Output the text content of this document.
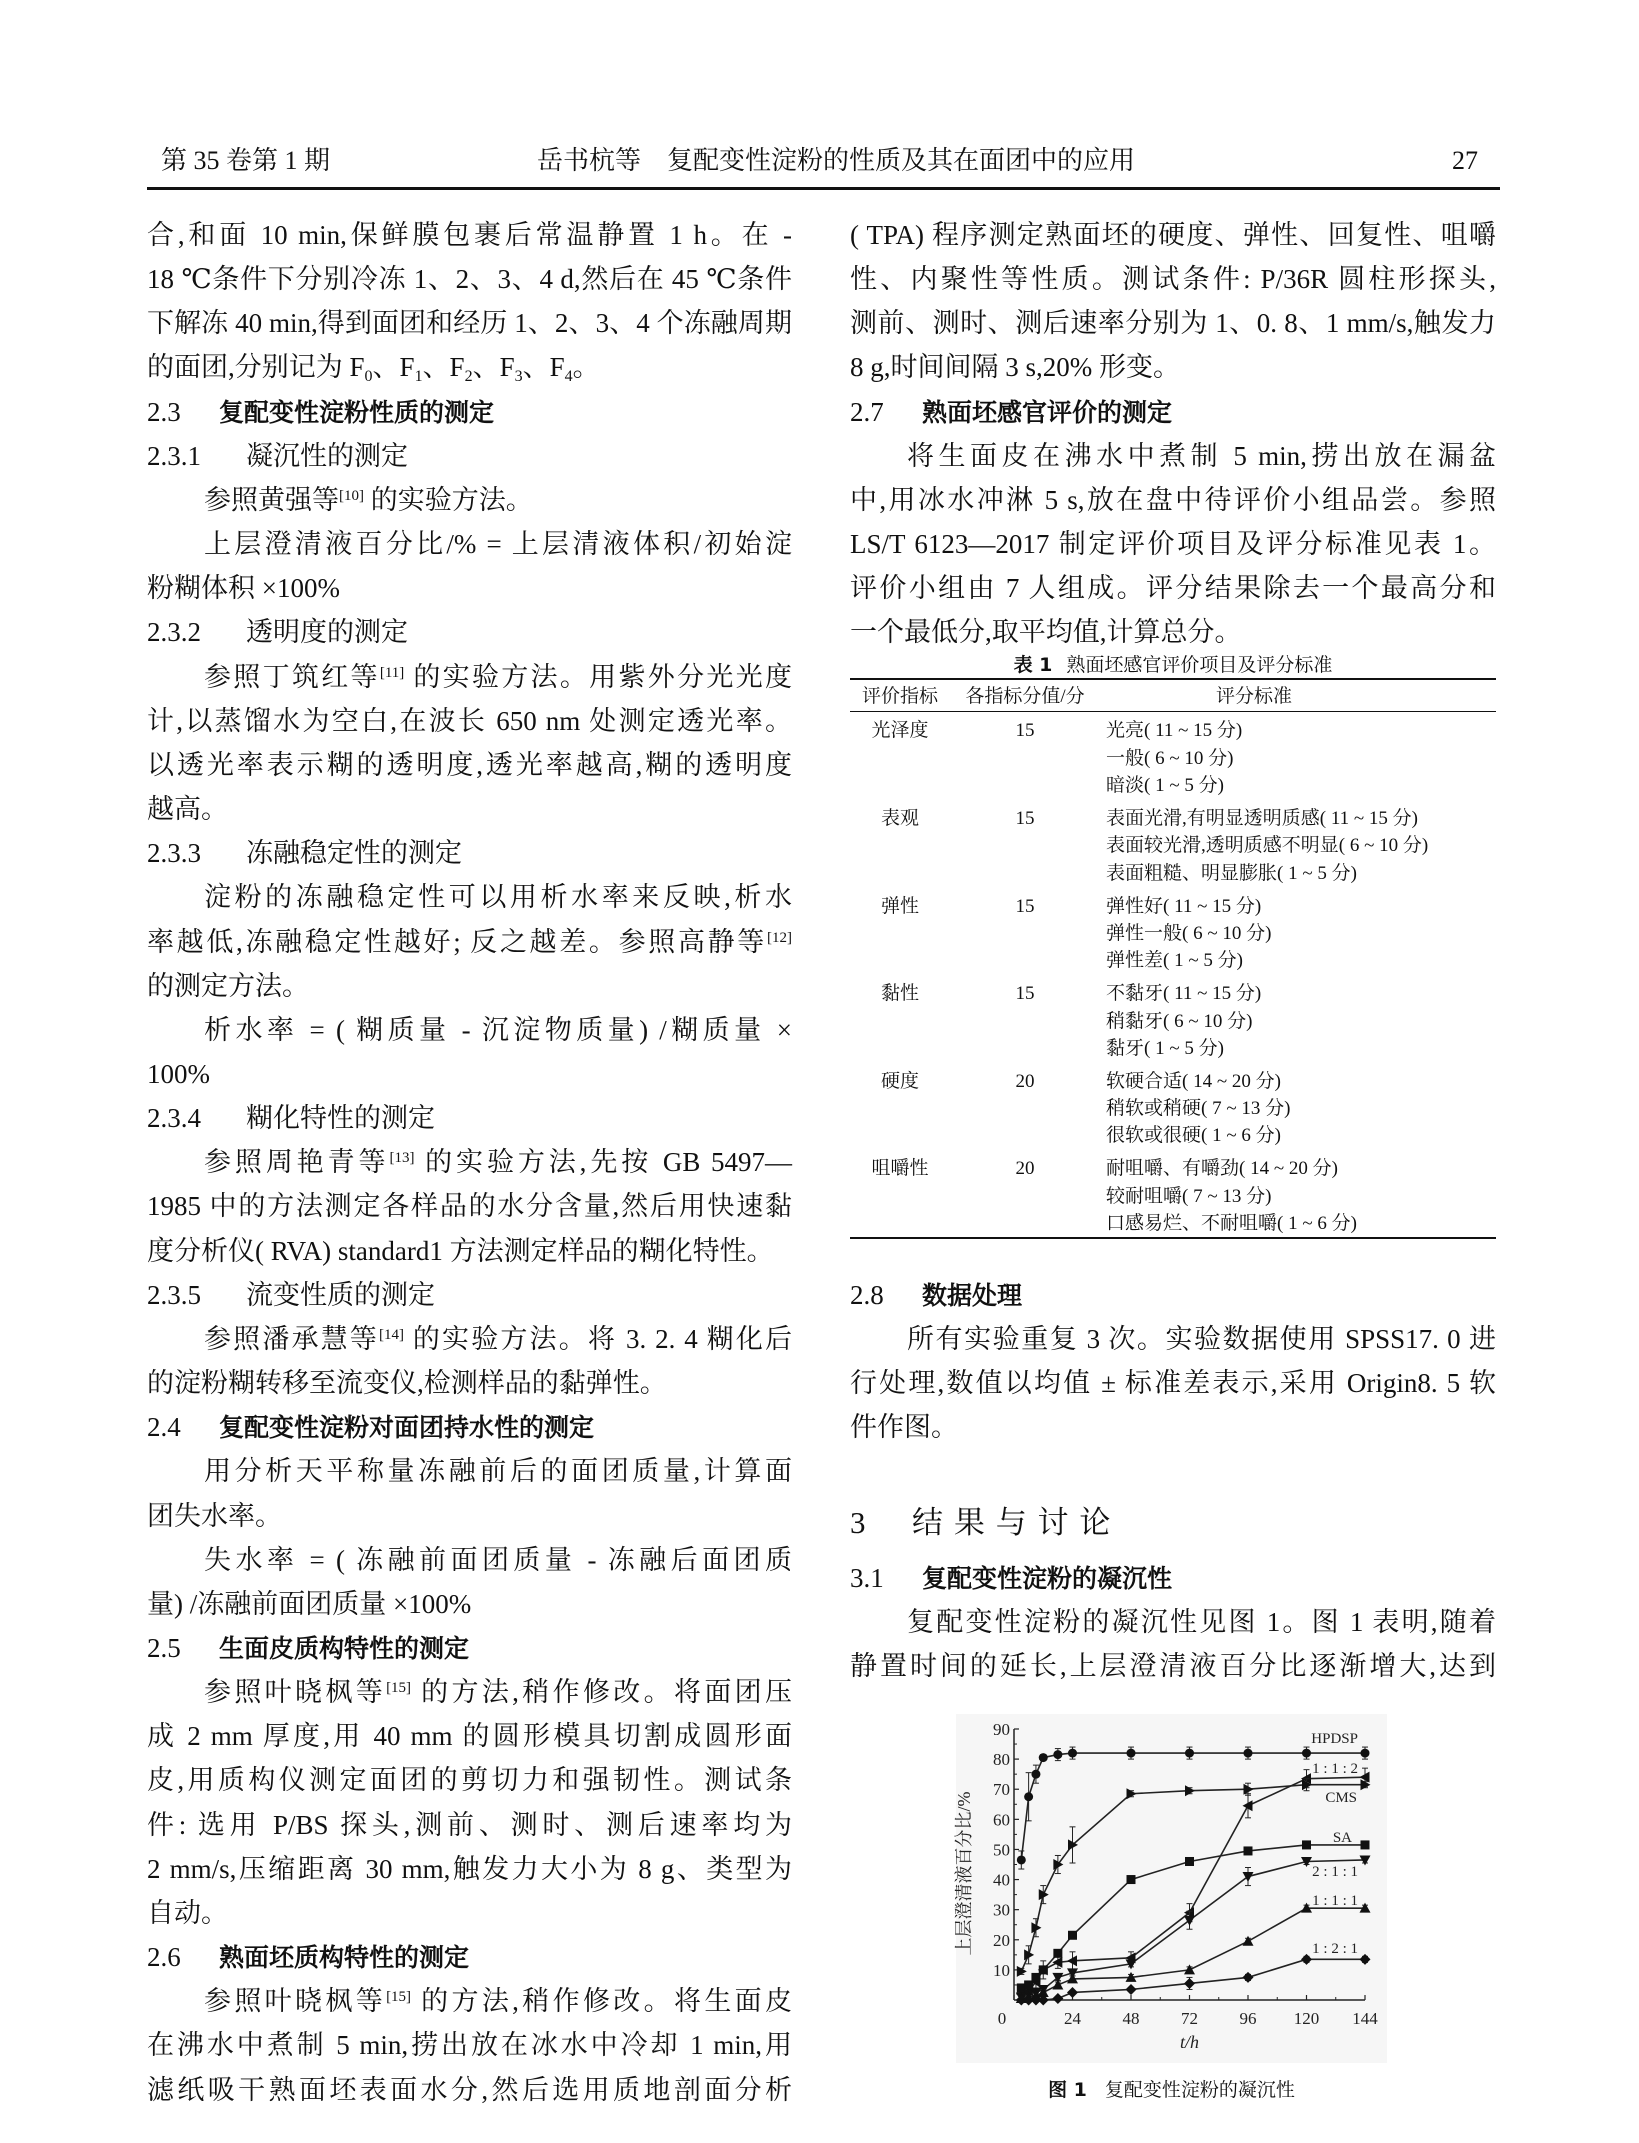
第 35 卷第 1 期	岳书杭等　复配变性淀粉的性质及其在面团中的应用	27
合,和面 10 min,保鲜膜包裹后常温静置 1 h。在 -
18 ℃条件下分别冷冻 1、2、3、4 d,然后在 45 ℃条件
下解冻 40 min,得到面团和经历 1、2、3、4 个冻融周期
的面团,分别记为 $F_0$、$F_1$、$F_2$、$F_3$、$F_4$。
2.3 复配变性淀粉性质的测定
2.3.1 凝沉性的测定
参照黄强等[10] 的实验方法。
上层澄清液百分比/% = 上层清液体积/初始淀
粉糊体积 ×100%
2.3.2 透明度的测定
参照丁筑红等[11] 的实验方法。用紫外分光光度
计,以蒸馏水为空白,在波长 650 nm 处测定透光率。
以透光率表示糊的透明度,透光率越高,糊的透明度
越高。
2.3.3 冻融稳定性的测定
淀粉的冻融稳定性可以用析水率来反映,析水
率越低,冻融稳定性越好; 反之越差。参照高静等[12]
的测定方法。
析水率 = ( 糊质量 - 沉淀物质量) /糊质量 ×
100%
2.3.4 糊化特性的测定
参照周艳青等[13] 的实验方法,先按 GB 5497—
1985 中的方法测定各样品的水分含量,然后用快速黏
度分析仪( RVA) standard1 方法测定样品的糊化特性。
2.3.5 流变性质的测定
参照潘承慧等[14] 的实验方法。将 3. 2. 4 糊化后
的淀粉糊转移至流变仪,检测样品的黏弹性。
2.4 复配变性淀粉对面团持水性的测定
用分析天平称量冻融前后的面团质量,计算面
团失水率。
失水率 = ( 冻融前面团质量 - 冻融后面团质
量) /冻融前面团质量 ×100%
2.5 生面皮质构特性的测定
参照叶晓枫等[15] 的方法,稍作修改。将面团压
成 2 mm 厚度,用 40 mm 的圆形模具切割成圆形面
皮,用质构仪测定面团的剪切力和强韧性。测试条
件: 选用 P/BS 探头,测前、测时、测后速率均为
2 mm/s,压缩距离 30 mm,触发力大小为 8 g、类型为
自动。
2.6 熟面坯质构特性的测定
参照叶晓枫等[15] 的方法,稍作修改。将生面皮
在沸水中煮制 5 min,捞出放在冰水中冷却 1 min,用
滤纸吸干熟面坯表面水分,然后选用质地剖面分析
( TPA) 程序测定熟面坯的硬度、弹性、回复性、咀嚼
性、内聚性等性质。测试条件: P/36R 圆柱形探头,
测前、测时、测后速率分别为 1、0. 8、1 mm/s,触发力
8 g,时间间隔 3 s,20% 形变。
2.7 熟面坯感官评价的测定
将生面皮在沸水中煮制 5 min,捞出放在漏盆
中,用冰水冲淋 5 s,放在盘中待评价小组品尝。参照
LS/T 6123—2017 制定评价项目及评分标准见表 1。
评价小组由 7 人组成。评分结果除去一个最高分和
一个最低分,取平均值,计算总分。
2.8 数据处理
所有实验重复 3 次。实验数据使用 SPSS17. 0 进
行处理,数值以均值 ± 标准差表示,采用 Origin8. 5 软
件作图。
3 结果与讨论
3.1 复配变性淀粉的凝沉性
复配变性淀粉的凝沉性见图 1。图 1 表明,随着
静置时间的延长,上层澄清液百分比逐渐增大,达到
表 1 熟面坯感官评价项目及评分标准
评价指标	各指标分值/分	评分标准
光泽度	15	光亮( 11 ~ 15 分)
一般( 6 ~ 10 分)
暗淡( 1 ~ 5 分)
表观	15	表面光滑,有明显透明质感( 11 ~ 15 分)
表面较光滑,透明质感不明显( 6 ~ 10 分)
表面粗糙、明显膨胀( 1 ~ 5 分)
弹性	15	弹性好( 11 ~ 15 分)
弹性一般( 6 ~ 10 分)
弹性差( 1 ~ 5 分)
黏性	15	不黏牙( 11 ~ 15 分)
稍黏牙( 6 ~ 10 分)
黏牙( 1 ~ 5 分)
硬度	20	软硬合适( 14 ~ 20 分)
稍软或稍硬( 7 ~ 13 分)
很软或很硬( 1 ~ 6 分)
咀嚼性	20	耐咀嚼、有嚼劲( 14 ~ 20 分)
较耐咀嚼( 7 ~ 13 分)
口感易烂、不耐咀嚼( 1 ~ 6 分)
0	24 48 72 96 120 144
10
20
30
40
50
60
70
80
90
t/h
上层澄清液百分比/%
HPDSP
1 : 1 : 2
CMS
SA
2 : 1 : 1
1 : 1 : 1
1 : 2 : 1
图 1 复配变性淀粉的凝沉性
